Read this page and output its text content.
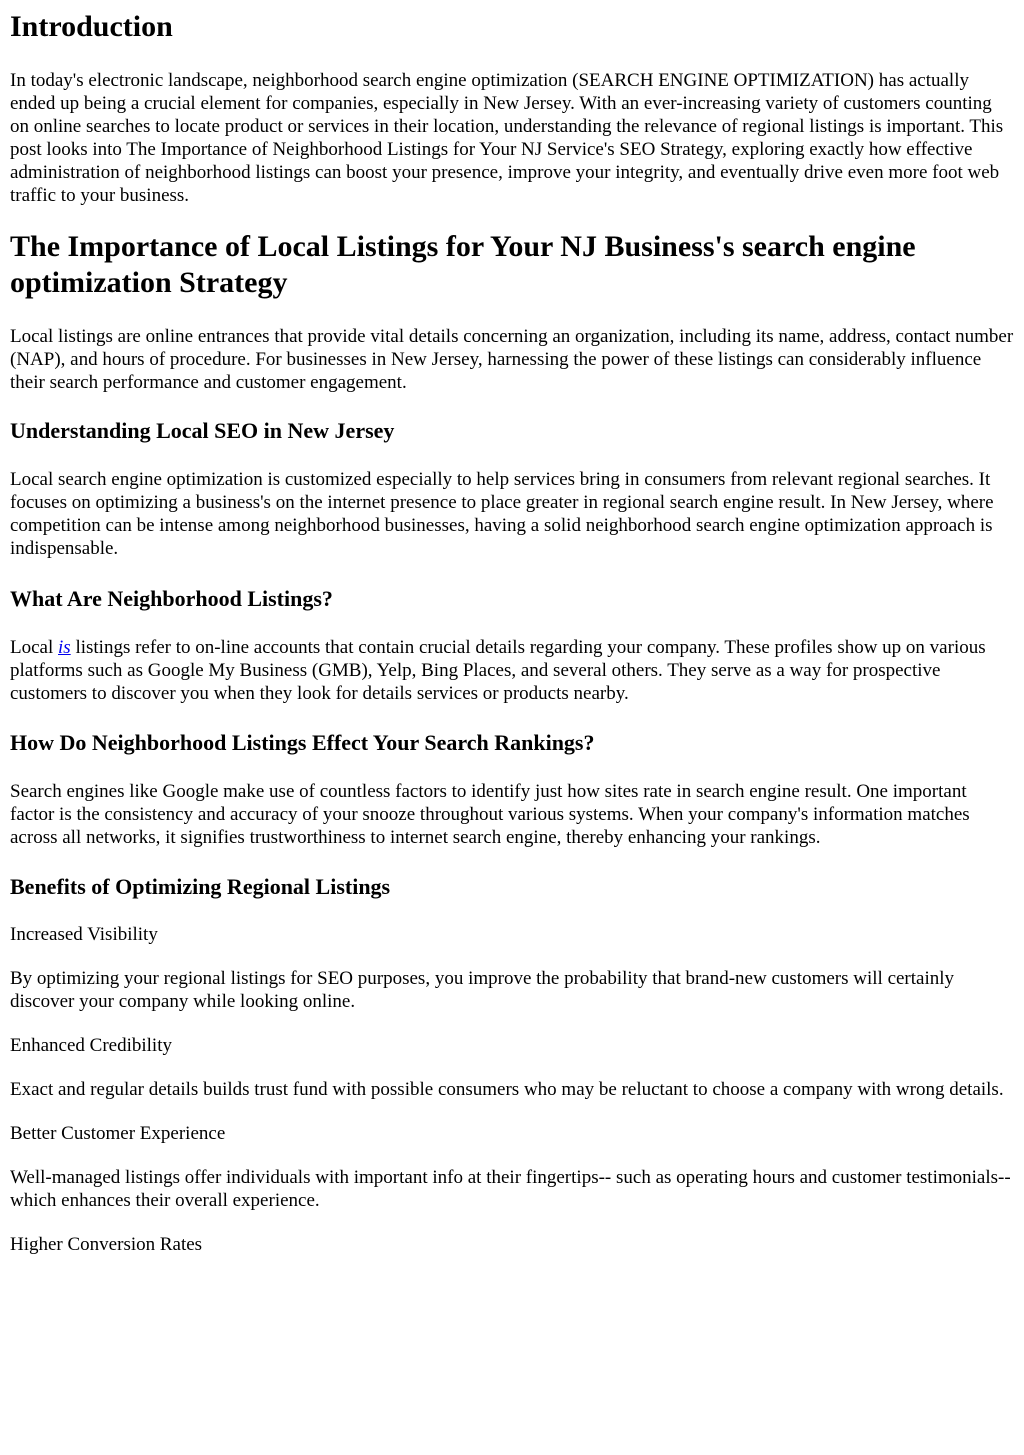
Introduction

In today's electronic landscape, neighborhood search engine optimization (SEARCH ENGINE OPTIMIZATION) has actually ended up being a crucial element for companies, especially in New Jersey. With an ever-increasing variety of customers counting on online searches to locate product or services in their location, understanding the relevance of regional listings is important. This post looks into The Importance of Neighborhood Listings for Your NJ Service's SEO Strategy, exploring exactly how effective administration of neighborhood listings can boost your presence, improve your integrity, and eventually drive even more foot web traffic to your business.

The Importance of Local Listings for Your NJ Business's search engine optimization Strategy

Local listings are online entrances that provide vital details concerning an organization, including its name, address, contact number (NAP), and hours of procedure. For businesses in New Jersey, harnessing the power of these listings can considerably influence their search performance and customer engagement.

Understanding Local SEO in New Jersey

Local search engine optimization is customized especially to help services bring in consumers from relevant regional searches. It focuses on optimizing a business's on the internet presence to place greater in regional search engine result. In New Jersey, where competition can be intense among neighborhood businesses, having a solid neighborhood search engine optimization approach is indispensable.

What Are Neighborhood Listings?

Local is listings refer to on-line accounts that contain crucial details regarding your company. These profiles show up on various platforms such as Google My Business (GMB), Yelp, Bing Places, and several others. They serve as a way for prospective customers to discover you when they look for details services or products nearby.

How Do Neighborhood Listings Effect Your Search Rankings?

Search engines like Google make use of countless factors to identify just how sites rate in search engine result. One important factor is the consistency and accuracy of your snooze throughout various systems. When your company's information matches across all networks, it signifies trustworthiness to internet search engine, thereby enhancing your rankings.

Benefits of Optimizing Regional Listings

Increased Visibility

By optimizing your regional listings for SEO purposes, you improve the probability that brand-new customers will certainly discover your company while looking online.

Enhanced Credibility

Exact and regular details builds trust fund with possible consumers who may be reluctant to choose a company with wrong details.

Better Customer Experience

Well-managed listings offer individuals with important info at their fingertips-- such as operating hours and customer testimonials-- which enhances their overall experience.

Higher Conversion Rates
